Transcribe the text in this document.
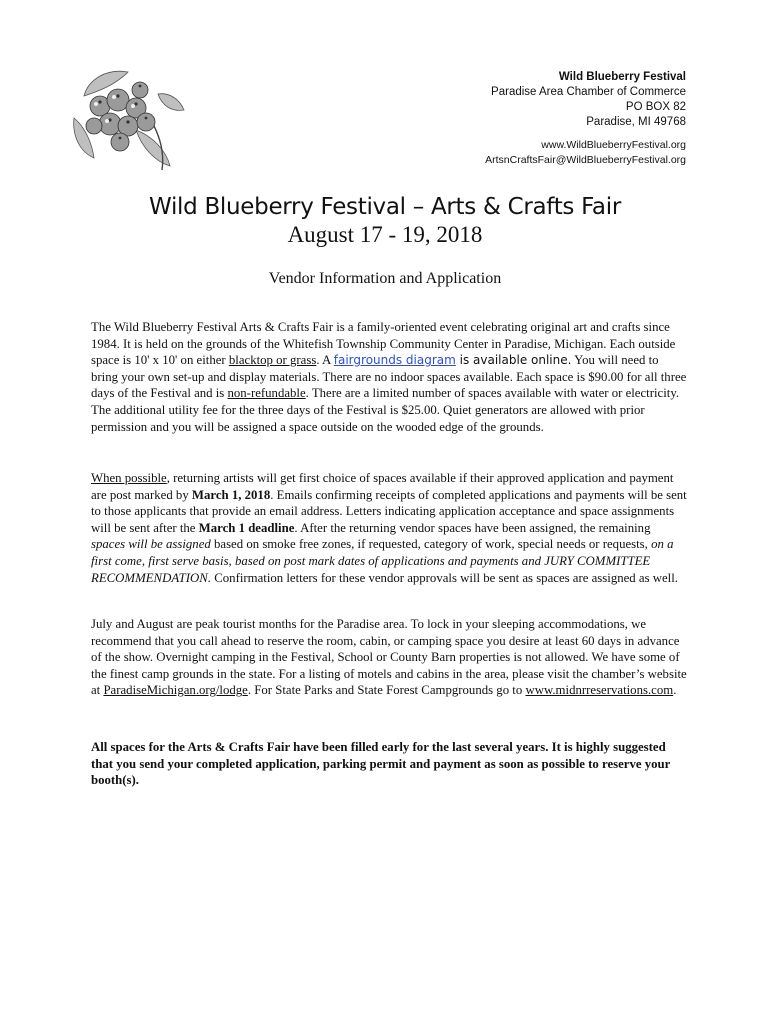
Wild Blueberry Festival
Paradise Area Chamber of Commerce
PO BOX 82
Paradise, MI 49768
www.WildBlueberryFestival.org
ArtsnCraftsFair@WildBlueberryFestival.org
Wild Blueberry Festival – Arts & Crafts Fair
August 17 - 19, 2018
Vendor Information and Application
The Wild Blueberry Festival Arts & Crafts Fair is a family-oriented event celebrating original art and crafts since 1984. It is held on the grounds of the Whitefish Township Community Center in Paradise, Michigan. Each outside space is 10' x 10' on either blacktop or grass. A fairgrounds diagram is available online. You will need to bring your own set-up and display materials. There are no indoor spaces available. Each space is $90.00 for all three days of the Festival and is non-refundable. There are a limited number of spaces available with water or electricity. The additional utility fee for the three days of the Festival is $25.00. Quiet generators are allowed with prior permission and you will be assigned a space outside on the wooded edge of the grounds.
When possible, returning artists will get first choice of spaces available if their approved application and payment are post marked by March 1, 2018. Emails confirming receipts of completed applications and payments will be sent to those applicants that provide an email address. Letters indicating application acceptance and space assignments will be sent after the March 1 deadline. After the returning vendor spaces have been assigned, the remaining spaces will be assigned based on smoke free zones, if requested, category of work, special needs or requests, on a first come, first serve basis, based on post mark dates of applications and payments and JURY COMMITTEE RECOMMENDATION. Confirmation letters for these vendor approvals will be sent as spaces are assigned as well.
July and August are peak tourist months for the Paradise area. To lock in your sleeping accommodations, we recommend that you call ahead to reserve the room, cabin, or camping space you desire at least 60 days in advance of the show. Overnight camping in the Festival, School or County Barn properties is not allowed. We have some of the finest camp grounds in the state. For a listing of motels and cabins in the area, please visit the chamber’s website at ParadiseMichigan.org/lodge. For State Parks and State Forest Campgrounds go to www.midnrreservations.com.
All spaces for the Arts & Crafts Fair have been filled early for the last several years. It is highly suggested that you send your completed application, parking permit and payment as soon as possible to reserve your booth(s).
